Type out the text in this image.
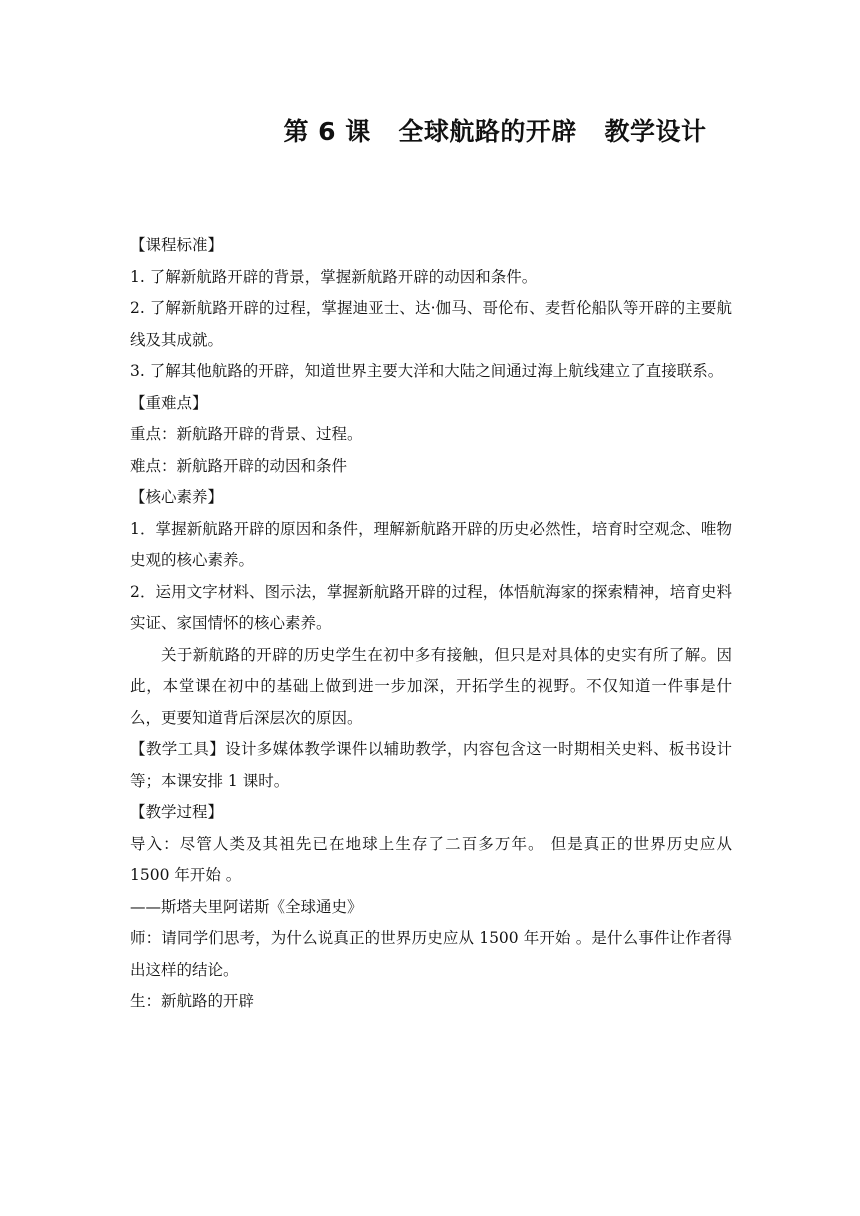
第 6 课 全球航路的开辟 教学设计

【课程标准】

1. 了解新航路开辟的背景，掌握新航路开辟的动因和条件。

2. 了解新航路开辟的过程，掌握迪亚士、达·伽马、哥伦布、麦哲伦船队等开辟的主要航线及其成就。

3. 了解其他航路的开辟，知道世界主要大洋和大陆之间通过海上航线建立了直接联系。

【重难点】

重点：新航路开辟的背景、过程。

难点：新航路开辟的动因和条件

【核心素养】

1．掌握新航路开辟的原因和条件，理解新航路开辟的历史必然性，培育时空观念、唯物史观的核心素养。

2．运用文字材料、图示法，掌握新航路开辟的过程，体悟航海家的探索精神，培育史料实证、家国情怀的核心素养。

关于新航路的开辟的历史学生在初中多有接触，但只是对具体的史实有所了解。因此，本堂课在初中的基础上做到进一步加深，开拓学生的视野。不仅知道一件事是什么，更要知道背后深层次的原因。

【教学工具】设计多媒体教学课件以辅助教学，内容包含这一时期相关史料、板书设计等；本课安排 1 课时。

【教学过程】

导入：尽管人类及其祖先已在地球上生存了二百多万年。 但是真正的世界历史应从 1500 年开始 。

——斯塔夫里阿诺斯《全球通史》

师：请同学们思考，为什么说真正的世界历史应从 1500 年开始 。是什么事件让作者得出这样的结论。

生：新航路的开辟
